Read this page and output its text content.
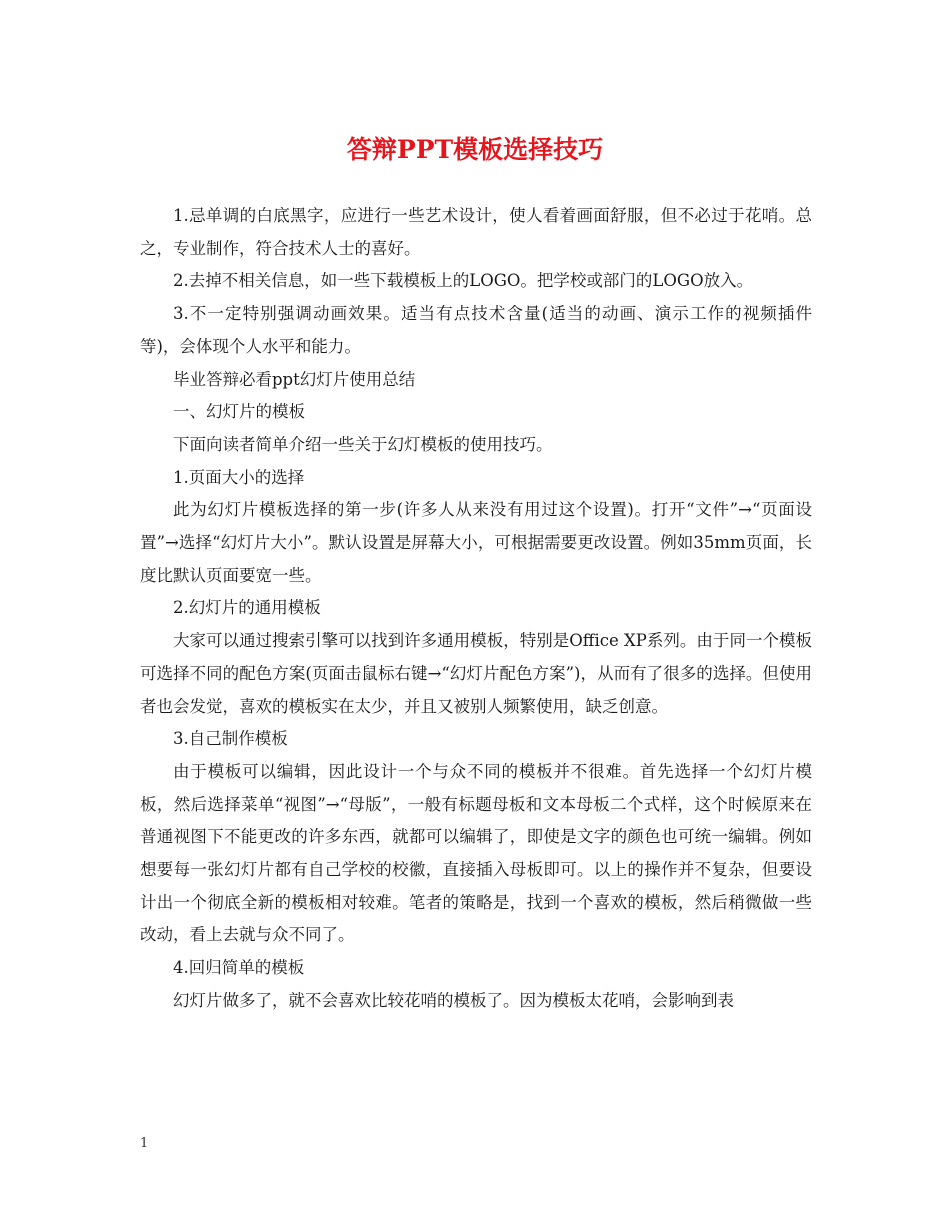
答辩PPT模板选择技巧

1.忌单调的白底黑字，应进行一些艺术设计，使人看着画面舒服，但不必过于花哨。总之，专业制作，符合技术人士的喜好。

2.去掉不相关信息，如一些下载模板上的LOGO。把学校或部门的LOGO放入。

3.不一定特别强调动画效果。适当有点技术含量(适当的动画、演示工作的视频插件等)，会体现个人水平和能力。

毕业答辩必看ppt幻灯片使用总结

一、幻灯片的模板

下面向读者简单介绍一些关于幻灯模板的使用技巧。

1.页面大小的选择

此为幻灯片模板选择的第一步(许多人从来没有用过这个设置)。打开“文件”→“页面设置”→选择“幻灯片大小”。默认设置是屏幕大小，可根据需要更改设置。例如35mm页面，长度比默认页面要宽一些。

2.幻灯片的通用模板

大家可以通过搜索引擎可以找到许多通用模板，特别是Office XP系列。由于同一个模板可选择不同的配色方案(页面击鼠标右键→“幻灯片配色方案”)，从而有了很多的选择。但使用者也会发觉，喜欢的模板实在太少，并且又被别人频繁使用，缺乏创意。

3.自己制作模板

由于模板可以编辑，因此设计一个与众不同的模板并不很难。首先选择一个幻灯片模板，然后选择菜单“视图”→“母版”，一般有标题母板和文本母板二个式样，这个时候原来在普通视图下不能更改的许多东西，就都可以编辑了，即使是文字的颜色也可统一编辑。例如想要每一张幻灯片都有自己学校的校徽，直接插入母板即可。以上的操作并不复杂，但要设计出一个彻底全新的模板相对较难。笔者的策略是，找到一个喜欢的模板，然后稍微做一些改动，看上去就与众不同了。

4.回归简单的模板

幻灯片做多了，就不会喜欢比较花哨的模板了。因为模板太花哨，会影响到表

1
